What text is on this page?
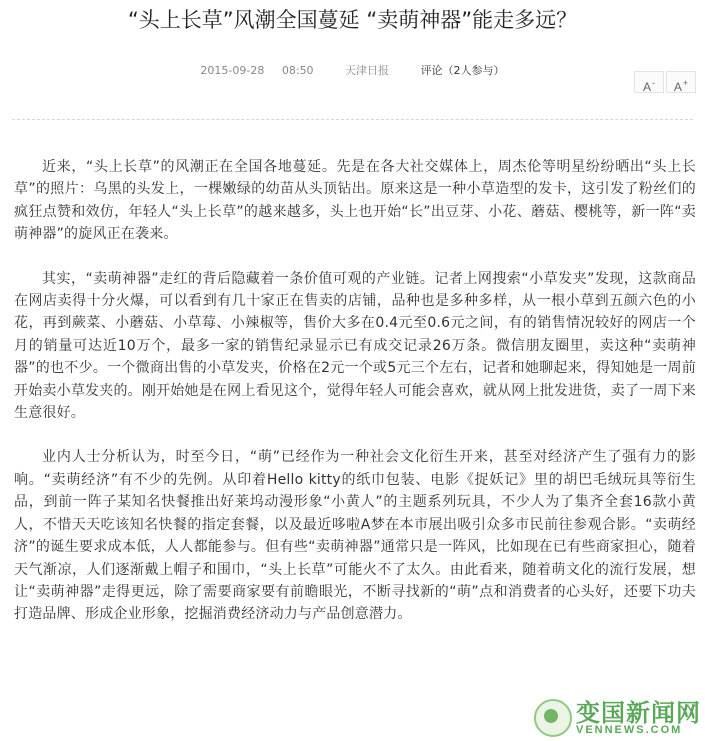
“头上长草”风潮全国蔓延 “卖萌神器”能走多远？
2015-09-28 08:50	天津日报	评论（2人参与）
A-	A+

近来，“头上长草”的风潮正在全国各地蔓延。先是在各大社交媒体上，周杰伦等明星纷纷晒出“头上长草”的照片：乌黑的头发上，一棵嫩绿的幼苗从头顶钻出。原来这是一种小草造型的发卡，这引发了粉丝们的疯狂点赞和效仿，年轻人“头上长草”的越来越多，头上也开始“长”出豆芽、小花、蘑菇、樱桃等，新一阵“卖萌神器”的旋风正在袭来。

其实，“卖萌神器”走红的背后隐藏着一条价值可观的产业链。记者上网搜索“小草发夹”发现，这款商品在网店卖得十分火爆，可以看到有几十家正在售卖的店铺，品种也是多种多样，从一根小草到五颜六色的小花，再到蕨菜、小蘑菇、小草莓、小辣椒等，售价大多在0.4元至0.6元之间，有的销售情况较好的网店一个月的销量可达近10万个，最多一家的销售纪录显示已有成交记录26万条。微信朋友圈里，卖这种“卖萌神器”的也不少。一个微商出售的小草发夹，价格在2元一个或5元三个左右，记者和她聊起来，得知她是一周前开始卖小草发夹的。刚开始她是在网上看见这个，觉得年轻人可能会喜欢，就从网上批发进货，卖了一周下来生意很好。

业内人士分析认为，时至今日，“萌”已经作为一种社会文化衍生开来，甚至对经济产生了强有力的影响。“卖萌经济”有不少的先例。从印着Hello kitty的纸巾包装、电影《捉妖记》里的胡巴毛绒玩具等衍生品，到前一阵子某知名快餐推出好莱坞动漫形象“小黄人”的主题系列玩具，不少人为了集齐全套16款小黄人，不惜天天吃该知名快餐的指定套餐，以及最近哆啦A梦在本市展出吸引众多市民前往参观合影。“卖萌经济”的诞生要求成本低，人人都能参与。但有些“卖萌神器”通常只是一阵风，比如现在已有些商家担心，随着天气渐凉，人们逐渐戴上帽子和围巾，“头上长草”可能火不了太久。由此看来，随着萌文化的流行发展，想让“卖萌神器”走得更远，除了需要商家要有前瞻眼光，不断寻找新的“萌”点和消费者的心头好，还要下功夫打造品牌、形成企业形象，挖掘消费经济动力与产品创意潜力。

变国新闻网
VENNEWS.COM
